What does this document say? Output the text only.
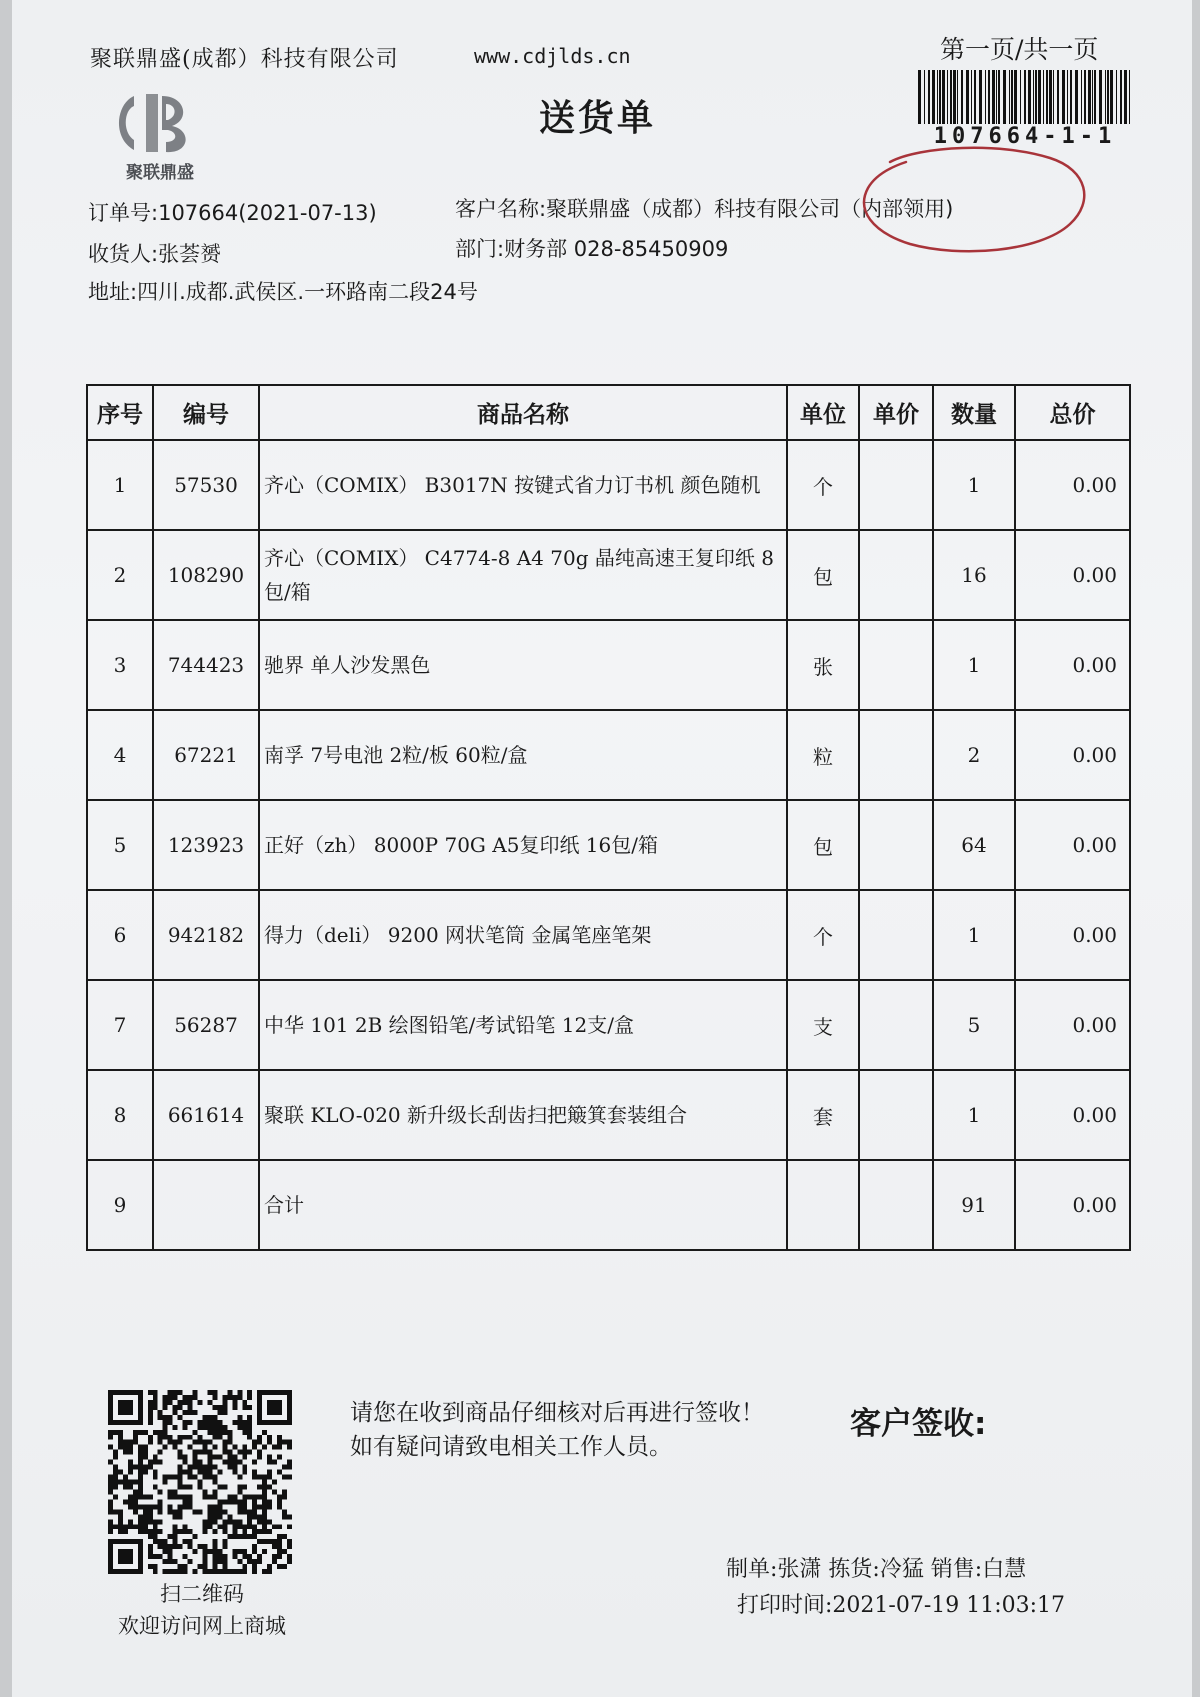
聚联鼎盛(成都）科技有限公司	www.cdjlds.cn	第一页/共一页
107664-1-1
聚联鼎盛
送货单
订单号:107664(2021-07-13)	客户名称:聚联鼎盛（成都）科技有限公司（内部领用)
收货人:张荟赟	部门:财务部 028-85450909
地址:四川.成都.武侯区.一环路南二段24号
序号	编号	商品名称	单位	单价	数量	总价
1	57530	齐心（COMIX） B3017N 按键式省力订书机 颜色随机	个		1	0.00
2	108290	齐心（COMIX） C4774-8 A4 70g 晶纯高速王复印纸 8包/箱	包		16	0.00
3	744423	驰界 单人沙发黑色	张		1	0.00
4	67221	南孚 7号电池 2粒/板 60粒/盒	粒		2	0.00
5	123923	正好（zh） 8000P 70G A5复印纸 16包/箱	包		64	0.00
6	942182	得力（deli） 9200 网状笔筒 金属笔座笔架	个		1	0.00
7	56287	中华 101 2B 绘图铅笔/考试铅笔 12支/盒	支		5	0.00
8	661614	聚联 KLO-020 新升级长刮齿扫把簸箕套装组合	套		1	0.00
9		合计			91	0.00
扫二维码
欢迎访问网上商城
请您在收到商品仔细核对后再进行签收！如有疑问请致电相关工作人员。
客户签收:
制单:张潇 拣货:冷猛 销售:白慧
打印时间:2021-07-19 11:03:17
